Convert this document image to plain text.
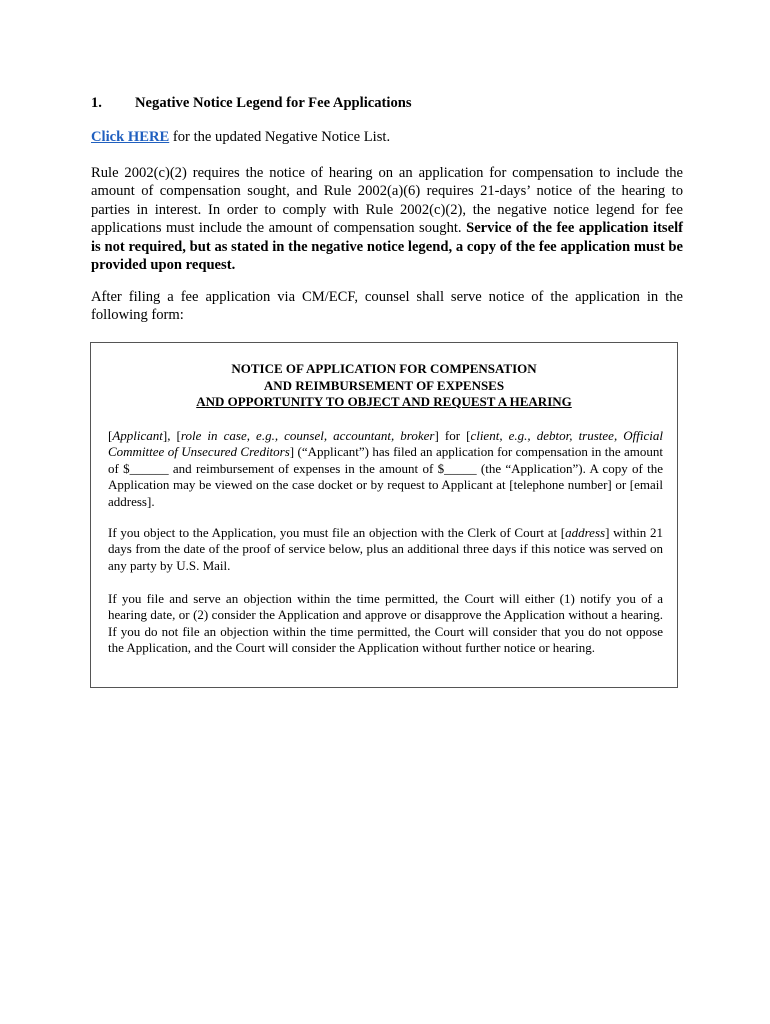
1. Negative Notice Legend for Fee Applications
Click HERE for the updated Negative Notice List.
Rule 2002(c)(2) requires the notice of hearing on an application for compensation to include the amount of compensation sought, and Rule 2002(a)(6) requires 21-days’ notice of the hearing to parties in interest. In order to comply with Rule 2002(c)(2), the negative notice legend for fee applications must include the amount of compensation sought. Service of the fee application itself is not required, but as stated in the negative notice legend, a copy of the fee application must be provided upon request.
After filing a fee application via CM/ECF, counsel shall serve notice of the application in the following form:
NOTICE OF APPLICATION FOR COMPENSATION
AND REIMBURSEMENT OF EXPENSES
AND OPPORTUNITY TO OBJECT AND REQUEST A HEARING
[Applicant], [role in case, e.g., counsel, accountant, broker] for [client, e.g., debtor, trustee, Official Committee of Unsecured Creditors] (“Applicant”) has filed an application for compensation in the amount of $______ and reimbursement of expenses in the amount of $_____ (the “Application”). A copy of the Application may be viewed on the case docket or by request to Applicant at [telephone number] or [email address].
If you object to the Application, you must file an objection with the Clerk of Court at [address] within 21 days from the date of the proof of service below, plus an additional three days if this notice was served on any party by U.S. Mail.
If you file and serve an objection within the time permitted, the Court will either (1) notify you of a hearing date, or (2) consider the Application and approve or disapprove the Application without a hearing. If you do not file an objection within the time permitted, the Court will consider that you do not oppose the Application, and the Court will consider the Application without further notice or hearing.
